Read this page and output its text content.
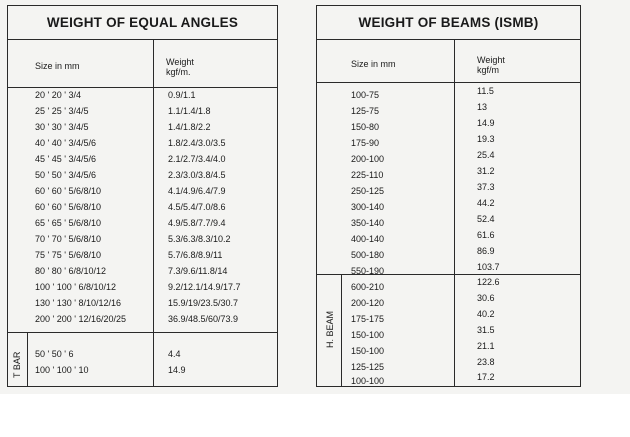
WEIGHT OF EQUAL ANGLES
Size in mm	Weight
kgf/m.
20 ' 20 ' 3/4	0.9/1.1
25 ' 25 ' 3/4/5	1.1/1.4/1.8
30 ' 30 ' 3/4/5	1.4/1.8/2.2
40 ' 40 ' 3/4/5/6	1.8/2.4/3.0/3.5
45 ' 45 ' 3/4/5/6	2.1/2.7/3.4/4.0
50 ' 50 ' 3/4/5/6	2.3/3.0/3.8/4.5
60 ' 60 ' 5/6/8/10	4.1/4.9/6.4/7.9
60 ' 60 ' 5/6/8/10	4.5/5.4/7.0/8.6
65 ' 65 ' 5/6/8/10	4.9/5.8/7.7/9.4
70 ' 70 ' 5/6/8/10	5.3/6.3/8.3/10.2
75 ' 75 ' 5/6/8/10	5.7/6.8/8.9/11
80 ' 80 ' 6/8/10/12	7.3/9.6/11.8/14
100 ' 100 ' 6/8/10/12	9.2/12.1/14.9/17.7
130 ' 130 ' 8/10/12/16	15.9/19/23.5/30.7
200 ' 200 ' 12/16/20/25	36.9/48.5/60/73.9
T BAR 50 ' 50 ' 6	4.4
100 ' 100 ' 10	14.9
WEIGHT OF BEAMS (ISMB)
Size in mm	Weight
kgf/m
100-75	11.5
125-75	13
150-80	14.9
175-90	19.3
200-100	25.4
225-110	31.2
250-125	37.3
300-140	44.2
350-140	52.4
400-140	61.6
500-180	86.9
550-190	103.7
H. BEAM
600-210	122.6
200-120	30.6
175-175	40.2
150-100	31.5
150-100	21.1
125-125	23.8
100-100	17.2
